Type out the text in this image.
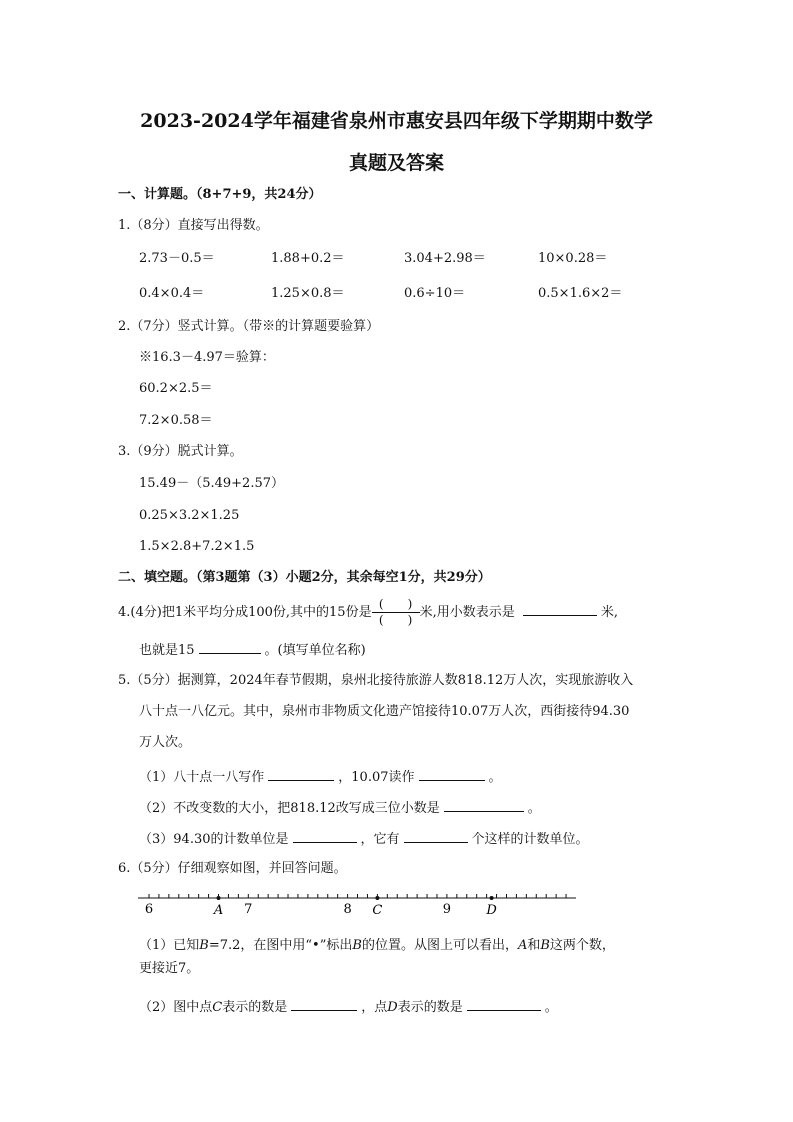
2023-2024学年福建省泉州市惠安县四年级下学期期中数学
真题及答案
一、计算题。（8+7+9，共24分）
1.（8分）直接写出得数。
2.73－0.5＝	1.88+0.2＝	3.04+2.98＝	10×0.28＝
0.4×0.4＝	1.25×0.8＝	0.6÷10＝	0.5×1.6×2＝
2.（7分）竖式计算。（带※的计算题要验算）
※16.3－4.97＝验算：
60.2×2.5＝
7.2×0.58＝
3.（9分）脱式计算。
15.49－（5.49+2.57）
0.25×3.2×1.25
1.5×2.8+7.2×1.5
二、填空题。（第3题第（3）小题2分，其余每空1分，共29分）
4.(4分)把1米平均分成100份,其中的15份是 $\frac{( )}{( )}$ 米,用小数表示是	米,
也就是15	。(填写单位名称)
5.（5分）据测算，2024年春节假期，泉州北接待旅游人数818.12万人次，实现旅游收入
八十点一八亿元。其中，泉州市非物质文化遗产馆接待10.07万人次，西街接待94.30
万人次。
（1）八十点一八写作	，10.07读作	。
（2）不改变数的大小，把818.12改写成三位小数是	。
（3）94.30的计数单位是	，它有	个这样的计数单位。
6.（5分）仔细观察如图，并回答问题。
6	7	8	9
A	C	D
（1）已知B=7.2，在图中用“•”标出B的位置。从图上可以看出，A和B这两个数，
更接近7。
（2）图中点C表示的数是	，点D表示的数是	。
